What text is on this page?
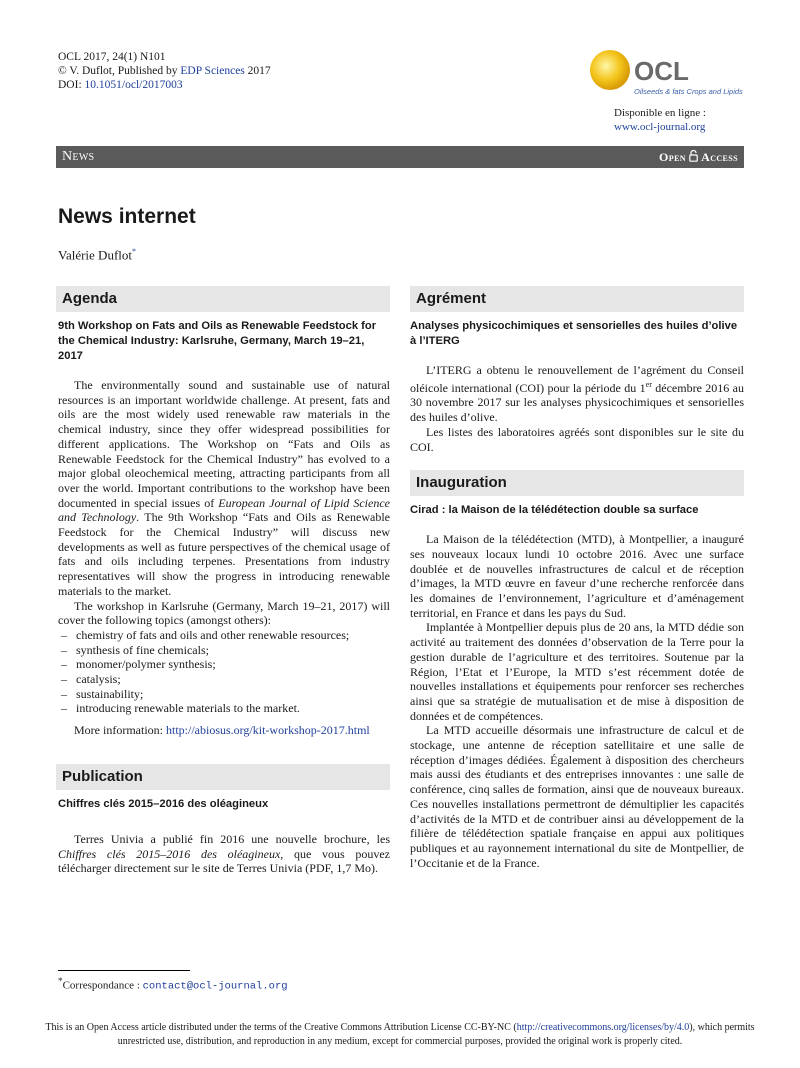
OCL 2017, 24(1) N101
© V. Duflot, Published by EDP Sciences 2017
DOI: 10.1051/ocl/2017003	OCL
Oilseeds & fats Crops and Lipids
Disponible en ligne :
www.ocl-journal.org
News	Open Access
News internet
Valérie Duflot*
Agenda
9th Workshop on Fats and Oils as Renewable Feedstock for the Chemical Industry: Karlsruhe, Germany, March 19–21, 2017

The environmentally sound and sustainable use of natural resources is an important worldwide challenge. At present, fats and oils are the most widely used renewable raw materials in the chemical industry, since they offer widespread possibilities for different applications. The Workshop on “Fats and Oils as Renewable Feedstock for the Chemical Industry” has evolved to a major global oleochemical meeting, attracting participants from all over the world. Important contributions to the workshop have been documented in special issues of European Journal of Lipid Science and Technology. The 9th Workshop “Fats and Oils as Renewable Feedstock for the Chemical Industry” will discuss new developments as well as future perspectives of the chemical usage of fats and oils including terpenes. Presentations from industry representatives will show the progress in introducing renewable materials to the market.

The workshop in Karlsruhe (Germany, March 19–21, 2017) will cover the following topics (amongst others):

– chemistry of fats and oils and other renewable resources;
– synthesis of fine chemicals;
– monomer/polymer synthesis;
– catalysis;
– sustainability;
– introducing renewable materials to the market.

More information: http://abiosus.org/kit-workshop-2017.html

Publication
Chiffres clés 2015–2016 des oléagineux

Terres Univia a publié fin 2016 une nouvelle brochure, les Chiffres clés 2015–2016 des oléagineux, que vous pouvez télécharger directement sur le site de Terres Univia (PDF, 1,7 Mo).

Agrément
Analyses physicochimiques et sensorielles des huiles d’olive à l’ITERG

L’ITERG a obtenu le renouvellement de l’agrément du Conseil oléicole international (COI) pour la période du 1er décembre 2016 au 30 novembre 2017 sur les analyses physicochimiques et sensorielles des huiles d’olive.

Les listes des laboratoires agréés sont disponibles sur le site du COI.

Inauguration
Cirad : la Maison de la télédétection double sa surface

La Maison de la télédétection (MTD), à Montpellier, a inauguré ses nouveaux locaux lundi 10 octobre 2016. Avec une surface doublée et de nouvelles infrastructures de calcul et de réception d’images, la MTD œuvre en faveur d’une recherche renforcée dans les domaines de l’environnement, l’agriculture et d’aménagement territorial, en France et dans les pays du Sud.

Implantée à Montpellier depuis plus de 20 ans, la MTD dédie son activité au traitement des données d’observation de la Terre pour la gestion durable de l’agriculture et des territoires. Soutenue par la Région, l’Etat et l’Europe, la MTD s’est récemment dotée de nouvelles installations et équipements pour renforcer ses recherches ainsi que sa stratégie de mutualisation et de mise à disposition de données et de compétences.

La MTD accueille désormais une infrastructure de calcul et de stockage, une antenne de réception satellitaire et une salle de réception d’images dédiées. Également à disposition des chercheurs mais aussi des étudiants et des entreprises innovantes : une salle de conférence, cinq salles de formation, ainsi que de nouveaux bureaux. Ces nouvelles installations permettront de démultiplier les capacités d’activités de la MTD et de contribuer ainsi au développement de la filière de télédétection spatiale française en appui aux politiques publiques et au rayonnement international du site de Montpellier, de l’Occitanie et de la France.

*Correspondance : contact@ocl-journal.org
This is an Open Access article distributed under the terms of the Creative Commons Attribution License CC-BY-NC (http://creativecommons.org/licenses/by/4.0), which permits unrestricted use, distribution, and reproduction in any medium, except for commercial purposes, provided the original work is properly cited.
